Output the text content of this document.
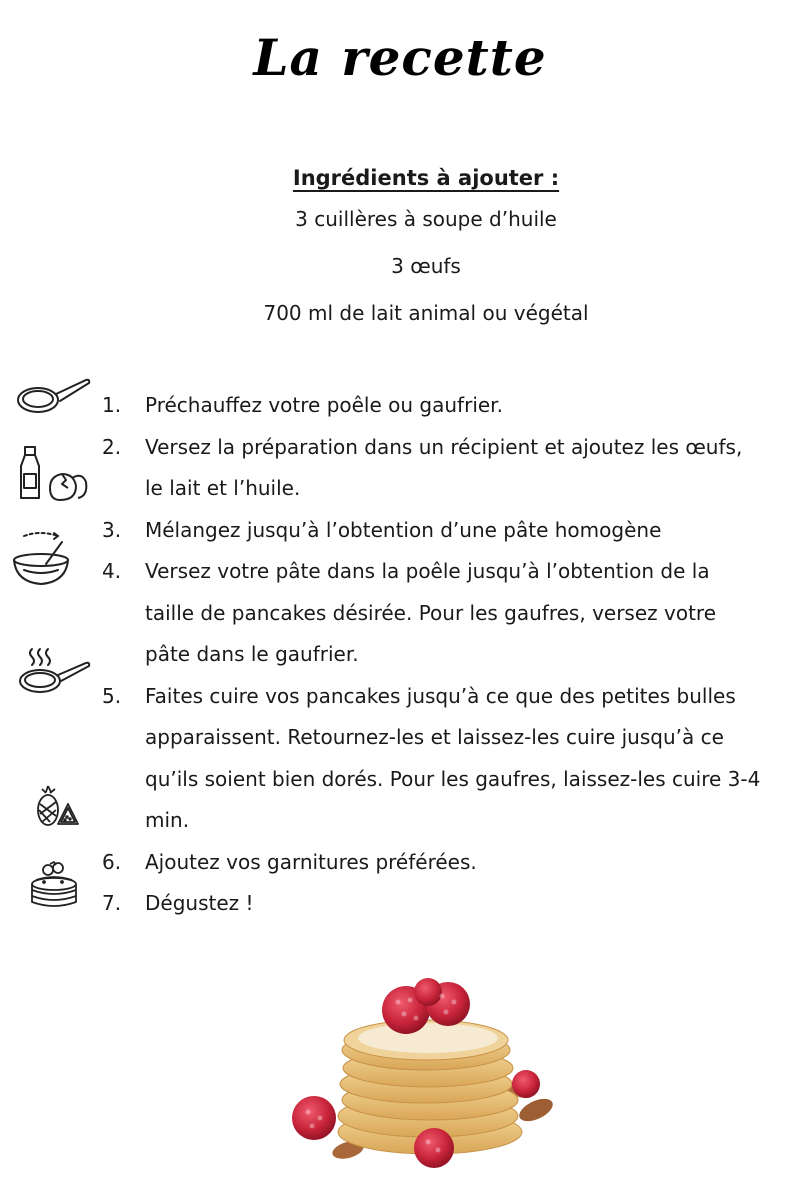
La recette
Ingrédients à ajouter :
3 cuillères à soupe d’huile
3 œufs
700 ml de lait animal ou végétal
1.	Préchauffez votre poêle ou gaufrier.
2.	Versez la préparation dans un récipient et ajoutez les œufs, le lait et l’huile.
3.	Mélangez jusqu’à l’obtention d’une pâte homogène
4.	Versez votre pâte dans la poêle jusqu’à l’obtention de la taille de pancakes désirée. Pour les gaufres, versez votre pâte dans le gaufrier.
5.	Faites cuire vos pancakes jusqu’à ce que des petites bulles apparaissent. Retournez-les et laissez-les cuire jusqu’à ce qu’ils soient bien dorés. Pour les gaufres, laissez-les cuire 3-4 min.
6.	Ajoutez vos garnitures préférées.
7.	Dégustez !
